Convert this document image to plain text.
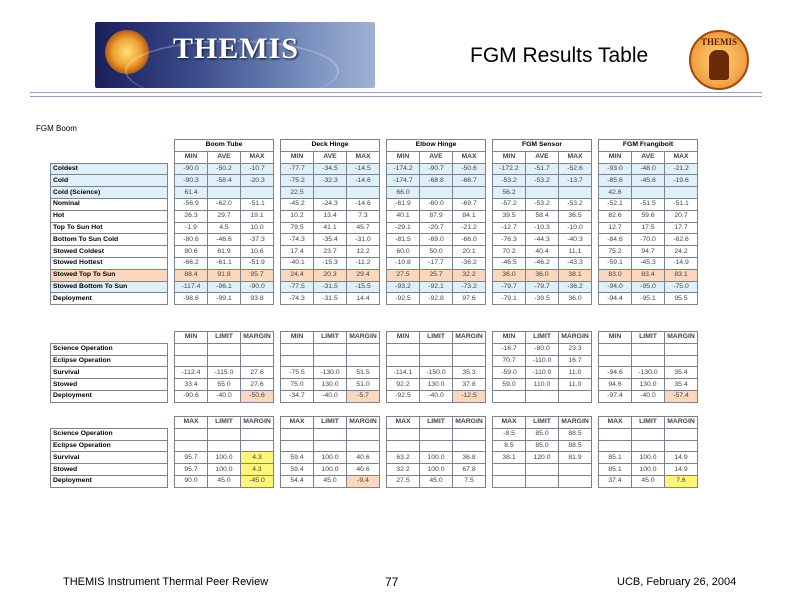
THEMIS	FGM Results Table
THEMIS
FGM Boom
		Boom Tube				Deck Hinge				Elbow Hinge				FGM Sensor				FGM Frangibolt		
		MIN	AVE	MAX		MIN	AVE	MAX		MIN	AVE	MAX		MIN	AVE	MAX		MIN	AVE	MAX
Coldest		-90.0	-50.2	-10.7		-77.7	-34.5	-14.5		-174.2	-90.7	-50.6		-172.2	-51.7	-52.6		-93.0	-48.0	-21.2
Cold		-90.3	-58.4	-20.3		-75.2	-32.3	-14.6		-174.7	-68.8	-66.7		-53.2	-53.2	-13.7		-85.6	-45.8	-19.6
Cold (Science)		61.4				22.5				66.0				56.2				42.6		
Nominal		-56.9	-62.0	-51.1		-45.2	-24.3	-14.6		-61.9	-60.0	-69.7		-57.2	-53.2	-53.2		-52.1	-51.5	-51.1
Hot		26.3	29.7	19.1		10.2	13.4	7.3		40.1	87.9	84.1		39.5	58.4	36.5		82.6	59.6	20.7
Top To Sun Hot		-1.9	4.5	10.0		79.5	41.1	45.7		-29.1	-20.7	-21.2		-12.7	-10.3	-10.0		12.7	17.5	17.7
Bottom To Sun Cold		-80.6	-46.6	-37.3		-74.3	-35.4	-31.0		-81.5	-69.0	-66.0		-76.3	-44.3	-40.3		-84.6	-70.0	-62.6
Stowed Coldest		80.6	61.9	10.6		17.4	23.7	12.2		60.0	50.0	20.1		70.2	40.4	11.1		75.2	94.7	24.2
Stowed Hottest		-66.2	-61.1	-51.9		-40.1	-15.3	-11.2		-10.8	-17.7	-36.2		-46.5	-46.2	-43.3		-59.1	-45.3	-14.9
Stowed Top To Sun		88.4	91.8	95.7		24.4	20.3	29.4		27.5	25.7	32.2		36.0	36.0	38.1		83.0	83.4	83.1
Stowed Bottom To Sun		-117.4	-96.1	-90.0		-77.5	-31.5	-15.5		-93.2	-92.1	-73.2		-79.7	-79.7	-36.2		-94.0	-95.0	-75.0
Deployment		-98.6	-99.1	93.8		-74.3	-31.5	14.4		-92.5	-92.8	97.6		-79.1	-39.5	36.0		-94.4	-95.1	95.5
		MIN	LIMIT	MARGIN		MIN	LIMIT	MARGIN		MIN	LIMIT	MARGIN		MIN	LIMIT	MARGIN		MIN	LIMIT	MARGIN
Science Operation														-16.7	-80.0	23.3				
Eclipse Operation														70.7	-110.0	16.7				
Survival		-112.4	-115.0	27.6		-75.5	-130.0	51.5		-114.1	-150.0	35.3		-59.0	-110.0	11.0		-94.6	-130.0	35.4
Stowed		33.4	55.0	27.6		75.0	130.0	51.0		92.2	130.0	37.8		59.0	110.0	11.0		94.6	130.0	35.4
Deployment		-90.6	-40.0	-50.6		-34.7	-40.0	-5.7		-92.5	-40.0	-12.5						-97.4	-40.0	-57.4
		MAX	LIMIT	MARGIN		MAX	LIMIT	MARGIN		MAX	LIMIT	MARGIN		MAX	LIMIT	MARGIN		MAX	LIMIT	MARGIN
Science Operation														-8.5	85.0	88.5				
Eclipse Operation														8.5	85.0	88.5				
Survival		95.7	100.0	4.3		59.4	100.0	40.6		63.2	100.0	36.8		38.1	120.0	81.9		85.1	100.0	14.9
Stowed		95.7	100.0	4.3		59.4	100.0	40.6		32.2	100.0	67.8						85.1	100.0	14.9
Deployment		90.0	45.0	-45.0		54.4	45.0	-9.4		27.5	45.0	7.5						37.4	45.0	7.6
THEMIS Instrument Thermal Peer Review	77	UCB, February 26, 2004
